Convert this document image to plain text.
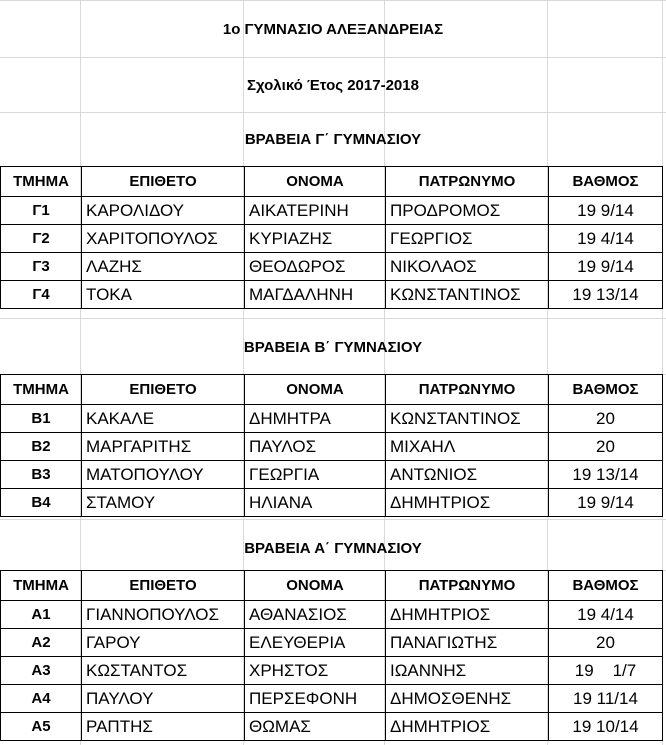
1ο ΓΥΜΝΑΣΙΟ ΑΛΕΞΑΝΔΡΕΙΑΣ
Σχολικό Έτος 2017-2018
ΒΡΑΒΕΙΑ Γ΄ ΓΥΜΝΑΣΙΟΥ
ΤΜΗΜΑ	ΕΠΙΘΕΤΟ	ΟΝΟΜΑ	ΠΑΤΡΩΝΥΜΟ	ΒΑΘΜΟΣ
Γ1	ΚΑΡΟΛΙΔΟΥ	ΑΙΚΑΤΕΡΙΝΗ	ΠΡΟΔΡΟΜΟΣ	19 9/14
Γ2	ΧΑΡΙΤΟΠΟΥΛΟΣ	ΚΥΡΙΑΖΗΣ	ΓΕΩΡΓΙΟΣ	19 4/14
Γ3	ΛΑΖΗΣ	ΘΕΟΔΩΡΟΣ	ΝΙΚΟΛΑΟΣ	19 9/14
Γ4	ΤΟΚΑ	ΜΑΓΔΑΛΗΝΗ	ΚΩΝΣΤΑΝΤΙΝΟΣ	19 13/14
ΒΡΑΒΕΙΑ Β΄ ΓΥΜΝΑΣΙΟΥ
ΤΜΗΜΑ	ΕΠΙΘΕΤΟ	ΟΝΟΜΑ	ΠΑΤΡΩΝΥΜΟ	ΒΑΘΜΟΣ
Β1	ΚΑΚΑΛΕ	ΔΗΜΗΤΡΑ	ΚΩΝΣΤΑΝΤΙΝΟΣ	20
Β2	ΜΑΡΓΑΡΙΤΗΣ	ΠΑΥΛΟΣ	ΜΙΧΑΗΛ	20
Β3	ΜΑΤΟΠΟΥΛΟΥ	ΓΕΩΡΓΙΑ	ΑΝΤΩΝΙΟΣ	19 13/14
Β4	ΣΤΑΜΟΥ	ΗΛΙΑΝΑ	ΔΗΜΗΤΡΙΟΣ	19 9/14
ΒΡΑΒΕΙΑ Α΄ ΓΥΜΝΑΣΙΟΥ
ΤΜΗΜΑ	ΕΠΙΘΕΤΟ	ΟΝΟΜΑ	ΠΑΤΡΩΝΥΜΟ	ΒΑΘΜΟΣ
Α1	ΓΙΑΝΝΟΠΟΥΛΟΣ	ΑΘΑΝΑΣΙΟΣ	ΔΗΜΗΤΡΙΟΣ	19 4/14
Α2	ΓΑΡΟΥ	ΕΛΕΥΘΕΡΙΑ	ΠΑΝΑΓΙΩΤΗΣ	20
Α3	ΚΩΣΤΑΝΤΟΣ	ΧΡΗΣΤΟΣ	ΙΩΑΝΝΗΣ	19    1/7
Α4	ΠΑΥΛΟΥ	ΠΕΡΣΕΦΟΝΗ	ΔΗΜΟΣΘΕΝΗΣ	19 11/14
Α5	ΡΑΠΤΗΣ	ΘΩΜΑΣ	ΔΗΜΗΤΡΙΟΣ	19 10/14
